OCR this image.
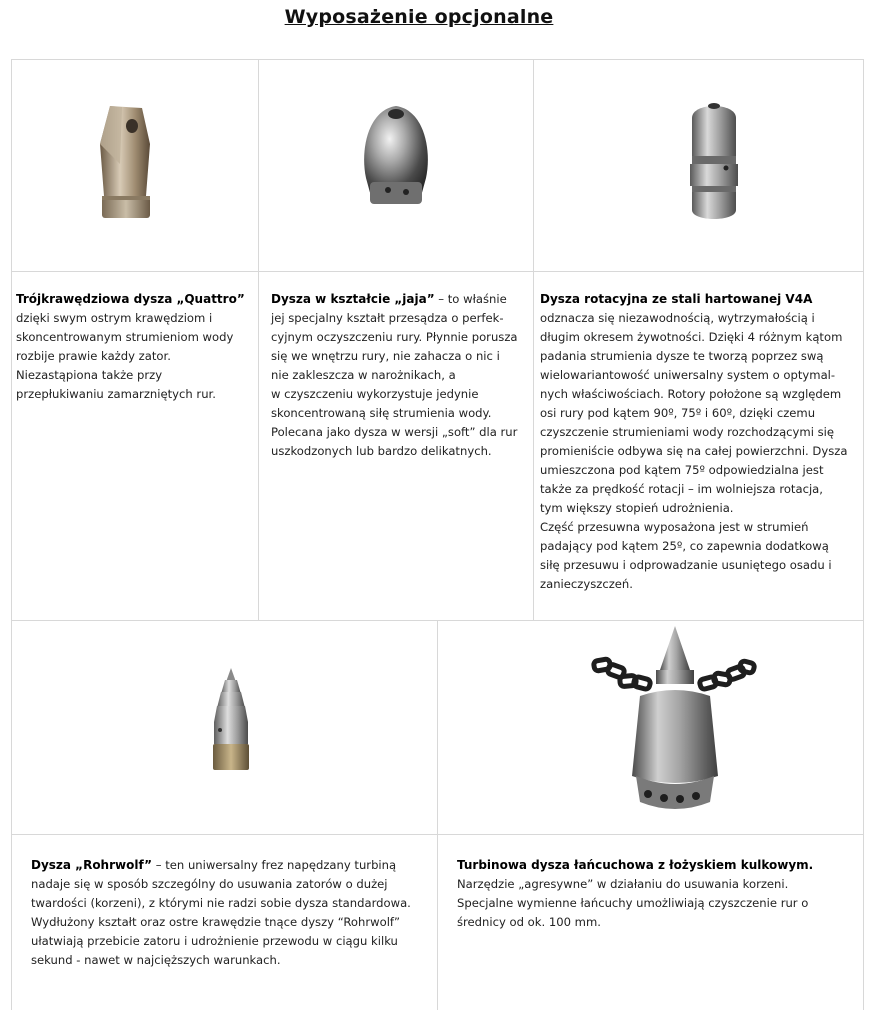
Wyposażenie opcjonalne
Trójkrawędziowa dysza „Quattro”
dzięki swym ostrym krawędziom i
skoncentrowanym strumieniom wody
rozbije prawie każdy zator.
Niezastąpiona także przy
przepłukiwaniu zamarzniętych rur.
Dysza w kształcie „jaja” – to właśnie
jej specjalny kształt przesądza o perfek-
cyjnym oczyszczeniu rury. Płynnie porusza
się we wnętrzu rury, nie zahacza o nic i
nie zakleszcza w narożnikach, a
w czyszczeniu wykorzystuje jedynie
skoncentrowaną siłę strumienia wody.
Polecana jako dysza w wersji „soft” dla rur
uszkodzonych lub bardzo delikatnych.
Dysza rotacyjna ze stali hartowanej V4A
odznacza się niezawodnością, wytrzymałością i
długim okresem żywotności. Dzięki 4 różnym kątom
padania strumienia dysze te tworzą poprzez swą
wielowariantowość uniwersalny system o optymal-
nych właściwościach. Rotory położone są względem
osi rury pod kątem 90º, 75º i 60º, dzięki czemu
czyszczenie strumieniami wody rozchodzącymi się
promieniście odbywa się na całej powierzchni. Dysza
umieszczona pod kątem 75º odpowiedzialna jest
także za prędkość rotacji – im wolniejsza rotacja,
tym większy stopień udrożnienia.
Część przesuwna wyposażona jest w strumień
padający pod kątem 25º, co zapewnia dodatkową
siłę przesuwu i odprowadzanie usuniętego osadu i
zanieczyszczeń.
Dysza „Rohrwolf” – ten uniwersalny frez napędzany turbiną
nadaje się w sposób szczególny do usuwania zatorów o dużej
twardości (korzeni), z którymi nie radzi sobie dysza standardowa.
Wydłużony kształt oraz ostre krawędzie tnące dyszy “Rohrwolf”
ułatwiają przebicie zatoru i udrożnienie przewodu w ciągu kilku
sekund - nawet w najcięższych warunkach.
Turbinowa dysza łańcuchowa z łożyskiem kulkowym.
Narzędzie „agresywne” w działaniu do usuwania korzeni.
Specjalne wymienne łańcuchy umożliwiają czyszczenie rur o
średnicy od ok. 100 mm.
